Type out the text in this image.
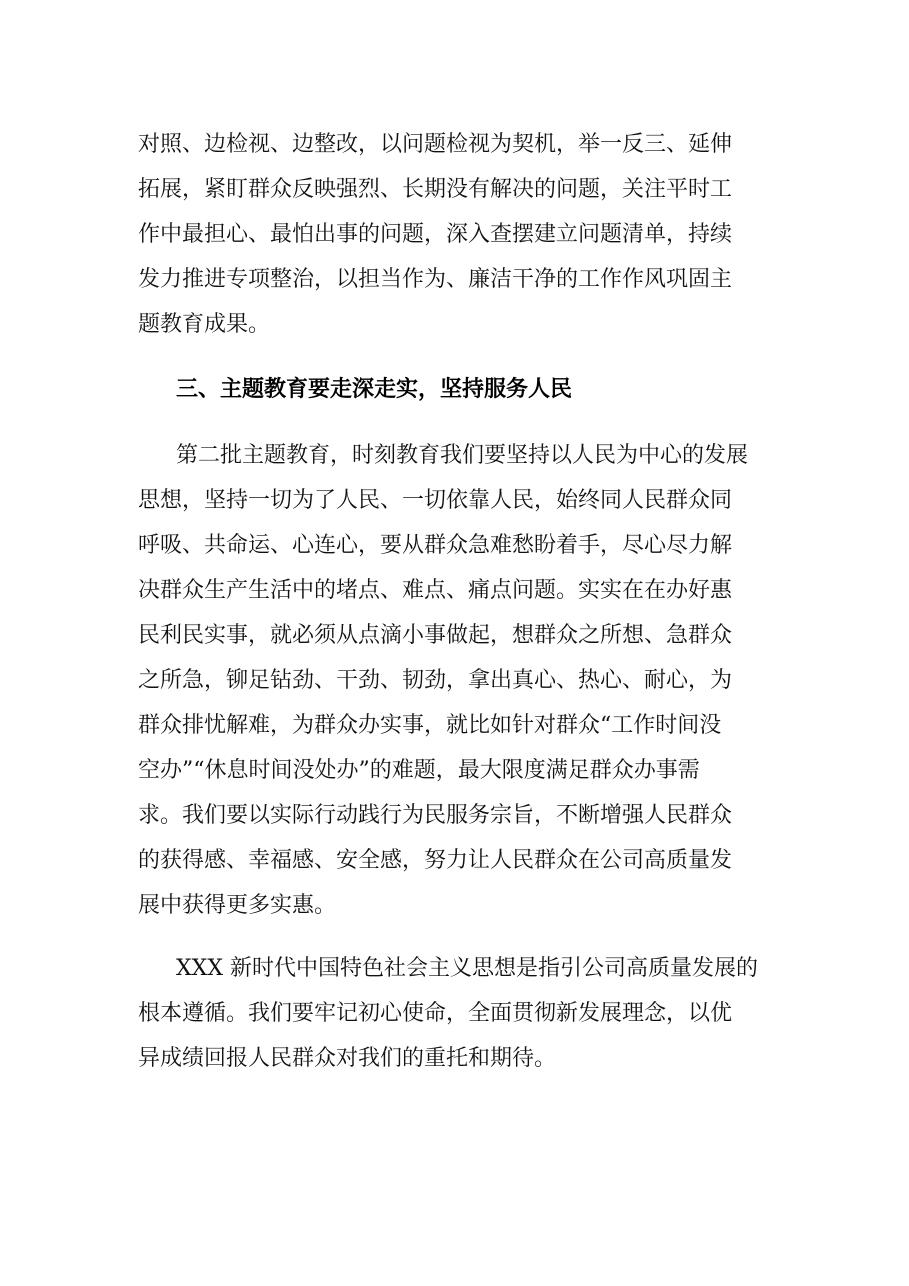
对照、边检视、边整改，以问题检视为契机，举一反三、延伸
拓展，紧盯群众反映强烈、长期没有解决的问题，关注平时工
作中最担心、最怕出事的问题，深入查摆建立问题清单，持续
发力推进专项整治，以担当作为、廉洁干净的工作作风巩固主
题教育成果。
三、主题教育要走深走实，坚持服务人民
第二批主题教育，时刻教育我们要坚持以人民为中心的发展
思想，坚持一切为了人民、一切依靠人民，始终同人民群众同
呼吸、共命运、心连心，要从群众急难愁盼着手，尽心尽力解
决群众生产生活中的堵点、难点、痛点问题。实实在在办好惠
民利民实事，就必须从点滴小事做起，想群众之所想、急群众
之所急，铆足钻劲、干劲、韧劲，拿出真心、热心、耐心，为
群众排忧解难，为群众办实事，就比如针对群众“工作时间没
空办”“休息时间没处办”的难题，最大限度满足群众办事需
求。我们要以实际行动践行为民服务宗旨，不断增强人民群众
的获得感、幸福感、安全感，努力让人民群众在公司高质量发
展中获得更多实惠。
XXX 新时代中国特色社会主义思想是指引公司高质量发展的
根本遵循。我们要牢记初心使命，全面贯彻新发展理念，以优
异成绩回报人民群众对我们的重托和期待。
